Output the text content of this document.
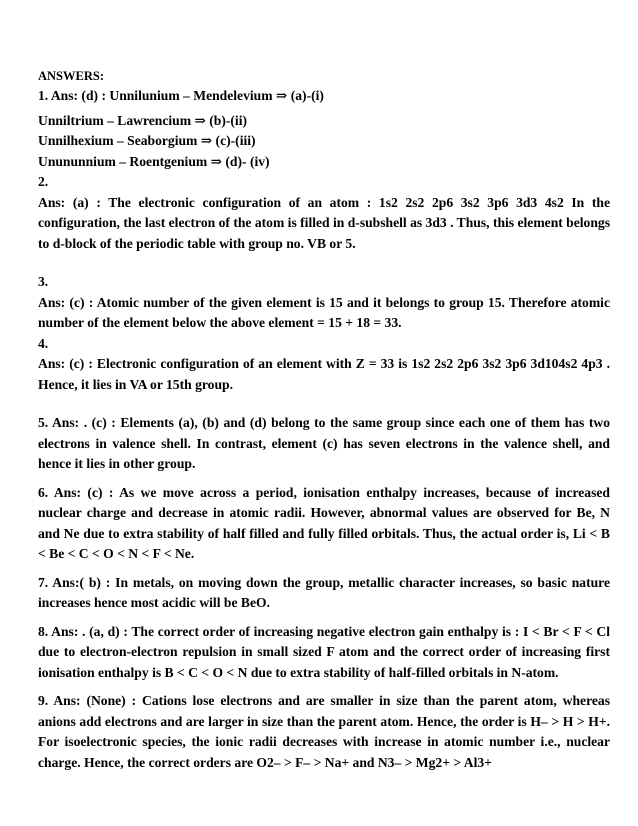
ANSWERS:
1. Ans: (d) : Unnilunium – Mendelevium ⇒ (a)-(i)
Unniltrium – Lawrencium ⇒ (b)-(ii)
Unnilhexium – Seaborgium ⇒ (c)-(iii)
Unununnium – Roentgenium ⇒ (d)- (iv)
2.
Ans: (a) : The electronic configuration of an atom : 1s2 2s2 2p6 3s2 3p6 3d3 4s2 In the configuration, the last electron of the atom is filled in d-subshell as 3d3 . Thus, this element belongs to d-block of the periodic table with group no. VB or 5.
3.
Ans: (c) : Atomic number of the given element is 15 and it belongs to group 15. Therefore atomic number of the element below the above element = 15 + 18 = 33.
4.
Ans: (c) : Electronic configuration of an element with Z = 33 is 1s2 2s2 2p6 3s2 3p6 3d104s2 4p3 . Hence, it lies in VA or 15th group.
5. Ans: . (c) : Elements (a), (b) and (d) belong to the same group since each one of them has two electrons in valence shell. In contrast, element (c) has seven electrons in the valence shell, and hence it lies in other group.
6. Ans: (c) : As we move across a period, ionisation enthalpy increases, because of increased nuclear charge and decrease in atomic radii. However, abnormal values are observed for Be, N and Ne due to extra stability of half filled and fully filled orbitals. Thus, the actual order is, Li < B < Be < C < O < N < F < Ne.
7. Ans:( b) : In metals, on moving down the group, metallic character increases, so basic nature increases hence most acidic will be BeO.
8. Ans: . (a, d) : The correct order of increasing negative electron gain enthalpy is : I < Br < F < Cl due to electron-electron repulsion in small sized F atom and the correct order of increasing first ionisation enthalpy is B < C < O < N due to extra stability of half-filled orbitals in N-atom.
9. Ans: (None) : Cations lose electrons and are smaller in size than the parent atom, whereas anions add electrons and are larger in size than the parent atom. Hence, the order is H– > H > H+. For isoelectronic species, the ionic radii decreases with increase in atomic number i.e., nuclear charge. Hence, the correct orders are O2– > F– > Na+ and N3– > Mg2+ > Al3+
